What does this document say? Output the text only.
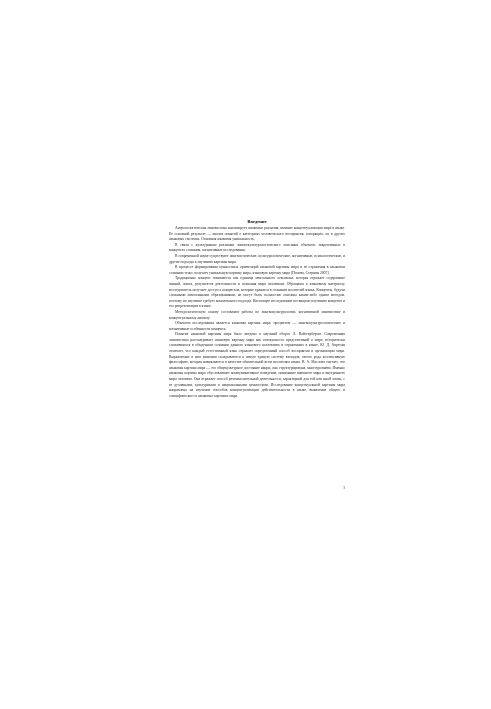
Введение

Антропологическая лингвистика анализирует языковые различия, явление концептуализации мира в языке. Её основной результат — анализ понятий о категориях человеческого восприятия, говорящих, их в других языковых системах. Основная языковая уникальность.

В связи с культурными реалиями лингвокультурологического описания объектов, закрепленных в концептах сознания, когнитивные исследования.

В современной науке существуют лингвистические, культурологические, когнитивные, психологические, и другие подходы к изучению картины мира.

В процессе формирования ценностных ориентаций языковой картины мира и её отражения в языковом сознании этнос получает уникальную картину мира, языковую картину мира [Попова, Стернин 2007].

Традиционно концепт понимается как единица ментального лексикона, которая отражает содержание знаний, опыта, результатов деятельности и познания мира человеком. Обращаясь к языковому материалу, исследователь получает доступ к концептам, которые хранятся в сознании носителей языка. Концепты, будучи сложными ментальными образованиями, не могут быть полностью описаны каким-либо одним методом, поэтому их изучение требует комплексного подхода. Настоящее исследование посвящено изучению концепта и его репрезентации в языке.

Методологическую основу составляют работы по лингвокультурологии, когнитивной лингвистике и концептуальному анализу.

Объектом исследования является языковая картина мира, предметом — лингвокультурологические и когнитивные особенности концепта.

Понятие языковой картины мира было введено в научный оборот Л. Вайсгербером. Современная лингвистика рассматривает языковую картину мира как совокупность представлений о мире, исторически сложившихся в обыденном сознании данного языкового коллектива и отраженных в языке. Ю. Д. Апресян отмечает, что каждый естественный язык отражает определенный способ восприятия и организации мира. Выражаемые в нем значения складываются в некую единую систему взглядов, своего рода коллективную философию, которая навязывается в качестве обязательной всем носителям языка. В. А. Маслова считает, что языковая картина мира — это общекультурное достояние нации, она структурирована, многоуровнева. Именно языковая картина мира обусловливает коммуникативное поведение, понимание внешнего мира и внутреннего мира человека. Она отражает способ речемыслительной деятельности, характерной для той или иной эпохи, с ее духовными, культурными и национальными ценностями. Исследование концептуальной картины мира направлено на изучение способов концептуализации действительности в языке, выявление общего и специфического в языковых картинах мира.

3
